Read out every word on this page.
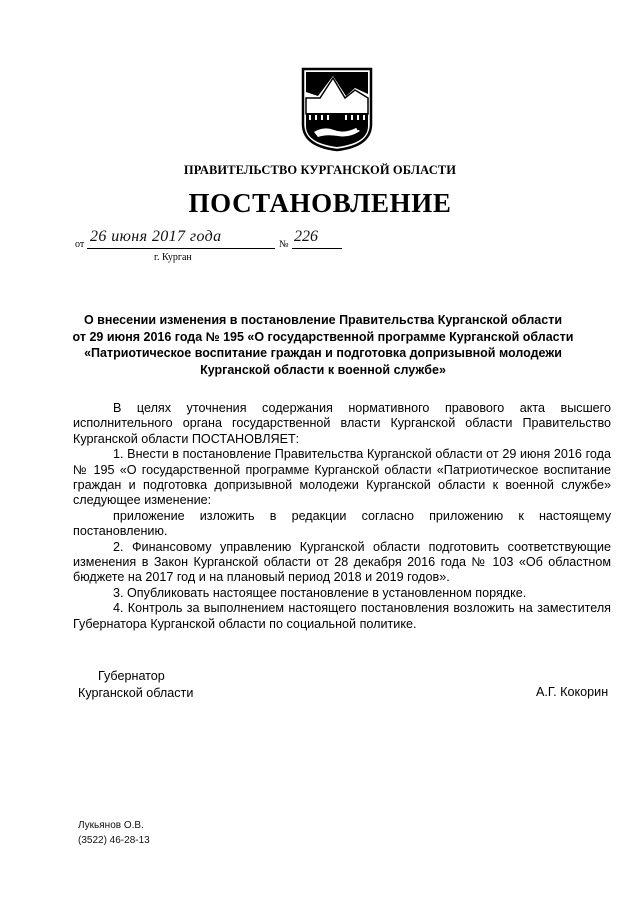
ПРАВИТЕЛЬСТВО КУРГАНСКОЙ ОБЛАСТИ
ПОСТАНОВЛЕНИЕ
от 26 июня 2017 года	№ 226
г. Курган
О внесении изменения в постановление Правительства Курганской области
от 29 июня 2016 года № 195 «О государственной программе Курганской области
«Патриотическое воспитание граждан и подготовка допризывной молодежи
Курганской области к военной службе»

В целях уточнения содержания нормативного правового акта высшего исполнительного органа государственной власти Курганской области Правительство Курганской области ПОСТАНОВЛЯЕТ:

1. Внести в постановление Правительства Курганской области от 29 июня 2016 года № 195 «О государственной программе Курганской области «Патриотическое воспитание граждан и подготовка допризывной молодежи Курганской области к военной службе» следующее изменение:

приложение изложить в редакции согласно приложению к настоящему постановлению.

2. Финансовому управлению Курганской области подготовить соответствующие изменения в Закон Курганской области от 28 декабря 2016 года № 103 «Об областном бюджете на 2017 год и на плановый период 2018 и 2019 годов».

3. Опубликовать настоящее постановление в установленном порядке.

4. Контроль за выполнением настоящего постановления возложить на заместителя Губернатора Курганской области по социальной политике.

Губернатор
Курганской области	А.Г. Кокорин
Лукьянов О.В.
(3522) 46-28-13
